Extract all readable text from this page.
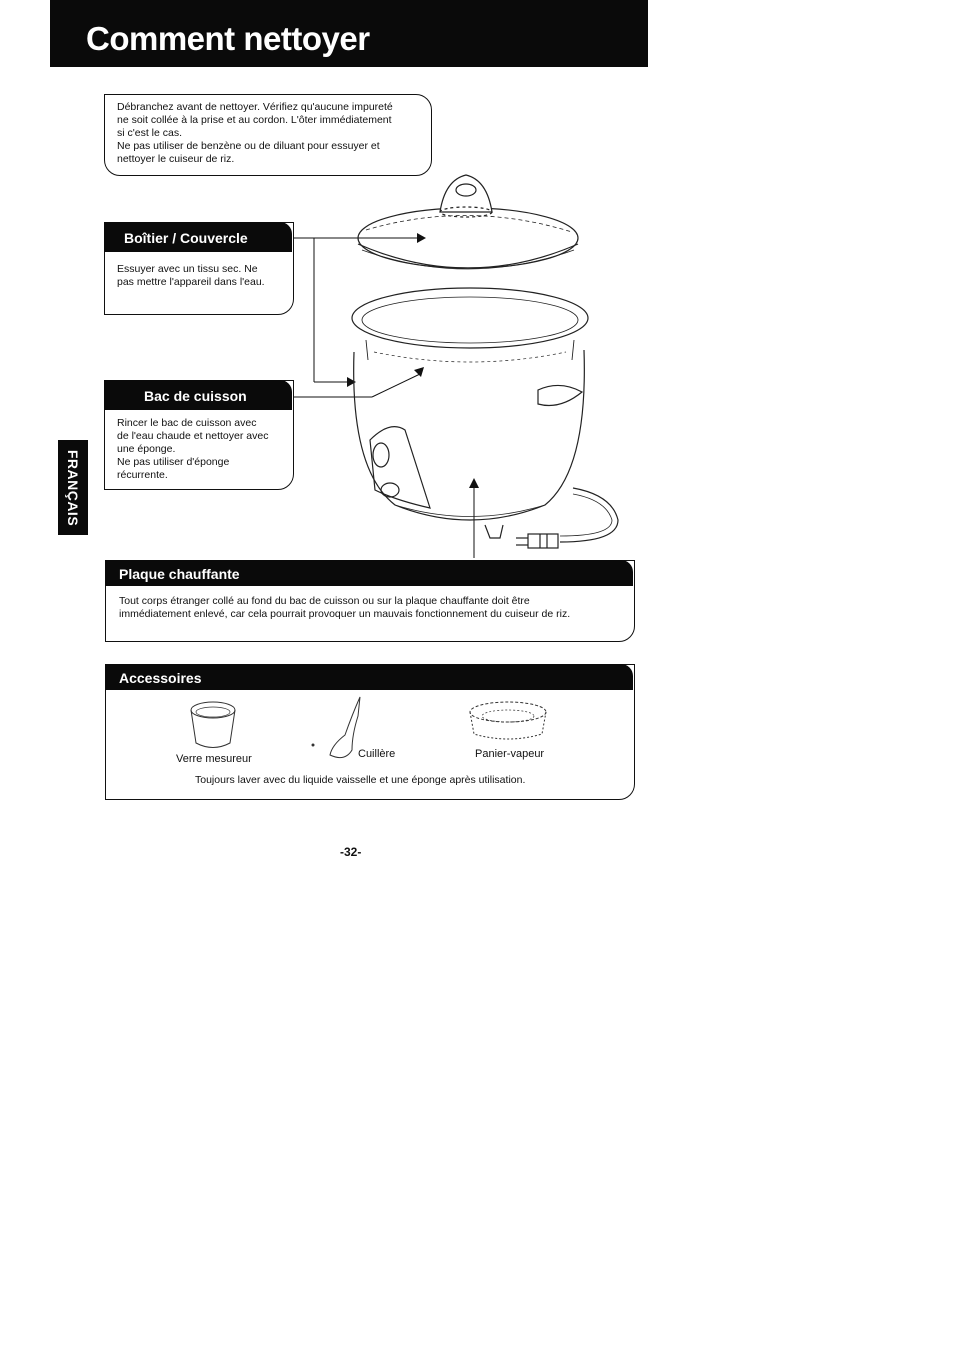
Comment nettoyer
FRANÇAIS
Débranchez avant de nettoyer. Vérifiez qu'aucune impureté
ne soit collée à la prise et au cordon. L'ôter immédiatement
si c'est le cas.
Ne pas utiliser de benzène ou de diluant pour essuyer et
nettoyer le cuiseur de riz.
Boîtier / Couvercle
Essuyer avec un tissu sec. Ne
pas mettre l'appareil dans l'eau.
Bac de cuisson
Rincer le bac de cuisson avec
de l'eau chaude et nettoyer avec
une éponge.
Ne pas utiliser d'éponge
récurrente.
Plaque chauffante
Tout corps étranger collé au fond du bac de cuisson ou sur la plaque chauffante doit être
immédiatement enlevé, car cela pourrait provoquer un mauvais fonctionnement du cuiseur de riz.
Accessoires
Verre mesureur	Cuillère	Panier-vapeur
Toujours laver avec du liquide vaisselle et une éponge après utilisation.
-32-
